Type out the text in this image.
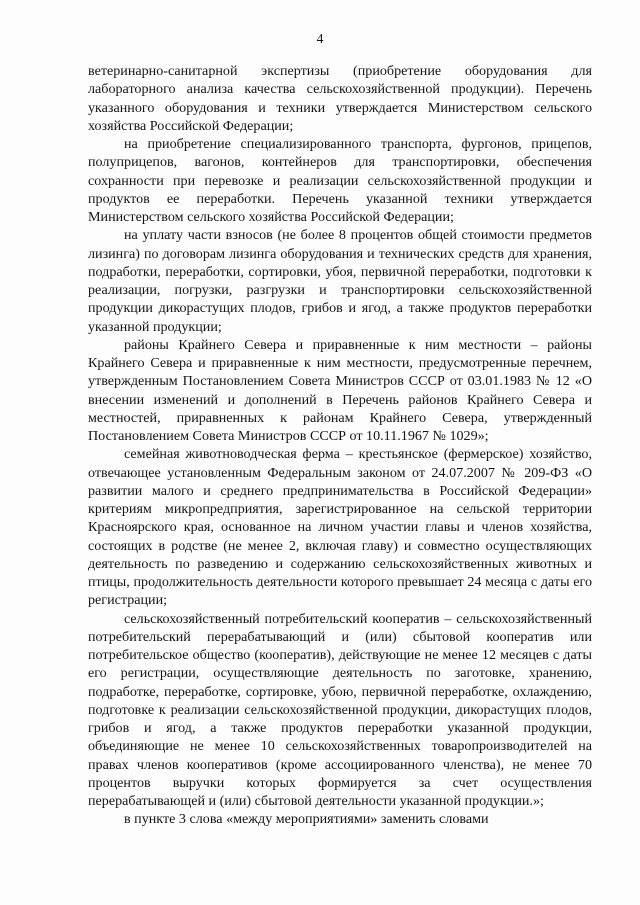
4

ветеринарно-санитарной экспертизы (приобретение оборудования для лабораторного анализа качества сельскохозяйственной продукции). Перечень указанного оборудования и техники утверждается Министерством сельского хозяйства Российской Федерации;

на приобретение специализированного транспорта, фургонов, прицепов, полуприцепов, вагонов, контейнеров для транспортировки, обеспечения сохранности при перевозке и реализации сельскохозяйственной продукции и продуктов ее переработки. Перечень указанной техники утверждается Министерством сельского хозяйства Российской Федерации;

на уплату части взносов (не более 8 процентов общей стоимости предметов лизинга) по договорам лизинга оборудования и технических средств для хранения, подработки, переработки, сортировки, убоя, первичной переработки, подготовки к реализации, погрузки, разгрузки и транспортировки сельскохозяйственной продукции дикорастущих плодов, грибов и ягод, а также продуктов переработки указанной продукции;

районы Крайнего Севера и приравненные к ним местности – районы Крайнего Севера и приравненные к ним местности, предусмотренные перечнем, утвержденным Постановлением Совета Министров СССР от 03.01.1983 № 12 «О внесении изменений и дополнений в Перечень районов Крайнего Севера и местностей, приравненных к районам Крайнего Севера, утвержденный Постановлением Совета Министров СССР от 10.11.1967 № 1029»;

семейная животноводческая ферма – крестьянское (фермерское) хозяйство, отвечающее установленным Федеральным законом от 24.07.2007 № 209-ФЗ «О развитии малого и среднего предпринимательства в Российской Федерации» критериям микропредприятия, зарегистрированное на сельской территории Красноярского края, основанное на личном участии главы и членов хозяйства, состоящих в родстве (не менее 2, включая главу) и совместно осуществляющих деятельность по разведению и содержанию сельскохозяйственных животных и птицы, продолжительность деятельности которого превышает 24 месяца с даты его регистрации;

сельскохозяйственный потребительский кооператив – сельскохозяйственный потребительский перерабатывающий и (или) сбытовой кооператив или потребительское общество (кооператив), действующие не менее 12 месяцев с даты его регистрации, осуществляющие деятельность по заготовке, хранению, подработке, переработке, сортировке, убою, первичной переработке, охлаждению, подготовке к реализации сельскохозяйственной продукции, дикорастущих плодов, грибов и ягод, а также продуктов переработки указанной продукции, объединяющие не менее 10 сельскохозяйственных товаропроизводителей на правах членов кооперативов (кроме ассоциированного членства), не менее 70 процентов выручки которых формируется за счет осуществления перерабатывающей и (или) сбытовой деятельности указанной продукции.»;

в пункте 3 слова «между мероприятиями» заменить словами
